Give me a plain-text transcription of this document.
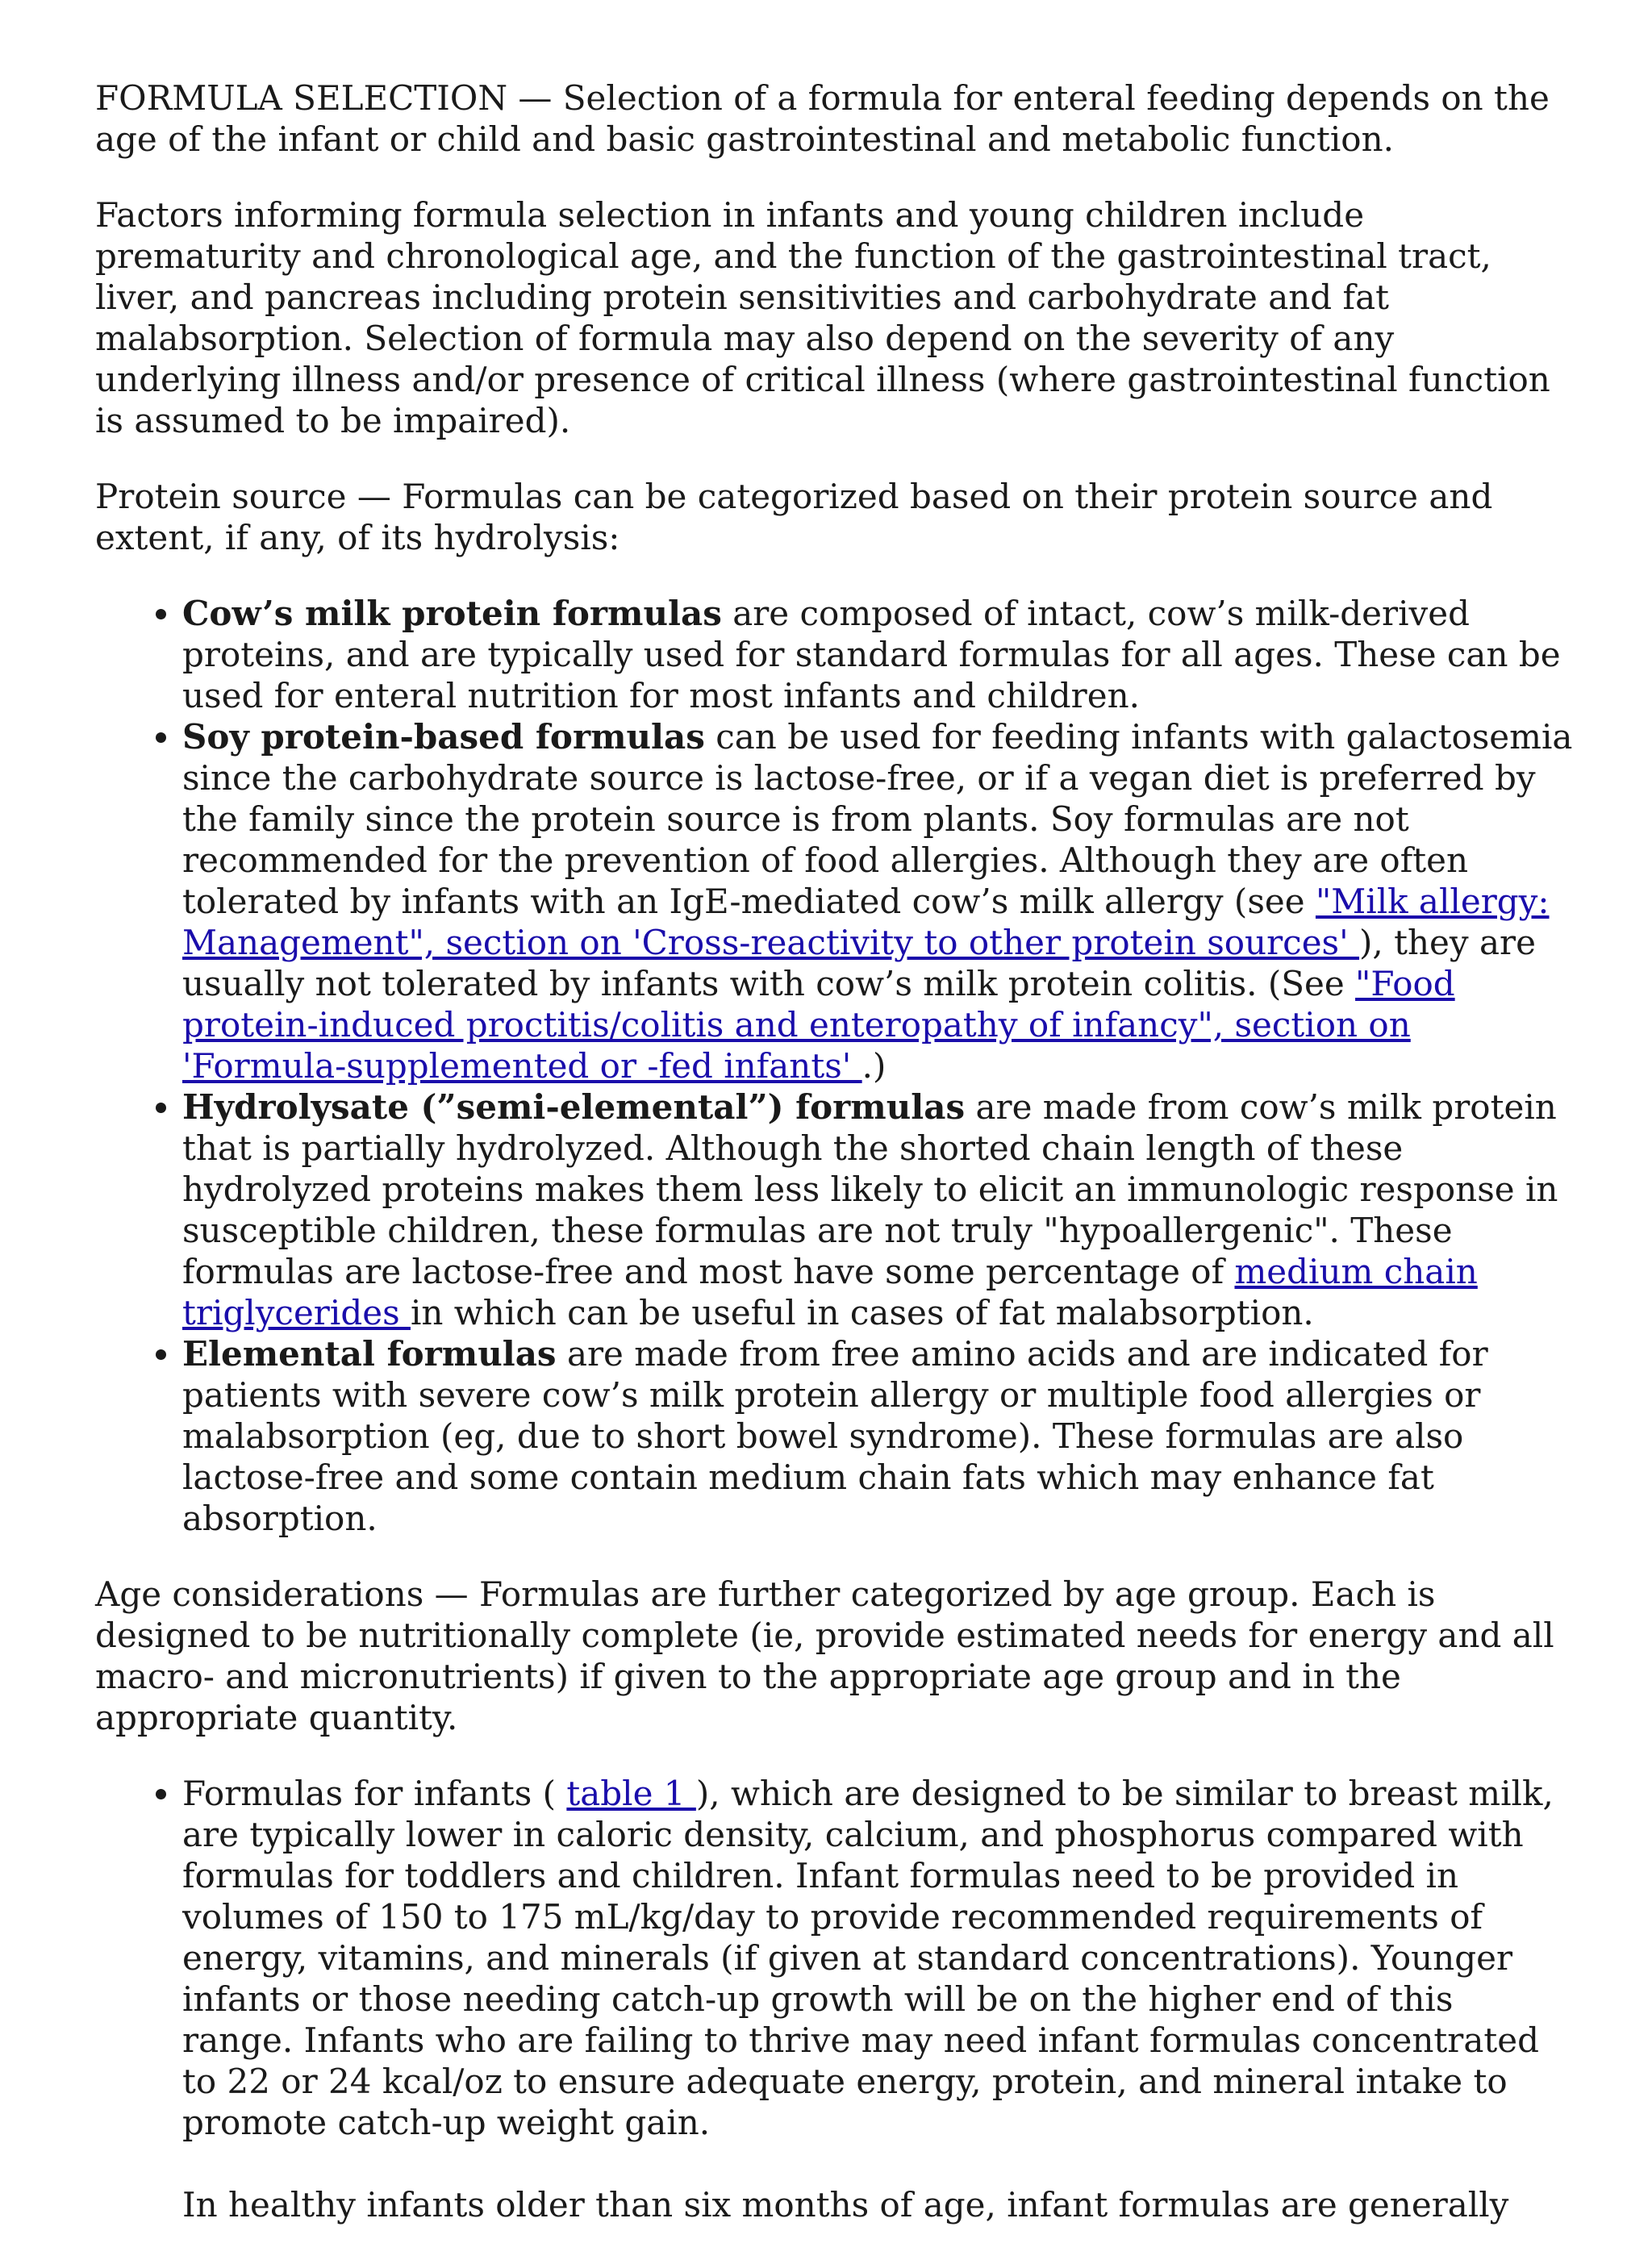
FORMULA SELECTION — Selection of a formula for enteral feeding depends on the age of the infant or child and basic gastrointestinal and metabolic function.

Factors informing formula selection in infants and young children include prematurity and chronological age, and the function of the gastrointestinal tract, liver, and pancreas including protein sensitivities and carbohydrate and fat malabsorption. Selection of formula may also depend on the severity of any underlying illness and/or presence of critical illness (where gastrointestinal function is assumed to be impaired).

Protein source — Formulas can be categorized based on their protein source and extent, if any, of its hydrolysis:

• Cow’s milk protein formulas are composed of intact, cow’s milk-derived proteins, and are typically used for standard formulas for all ages. These can be used for enteral nutrition for most infants and children.
• Soy protein-based formulas can be used for feeding infants with galactosemia since the carbohydrate source is lactose-free, or if a vegan diet is preferred by the family since the protein source is from plants. Soy formulas are not recommended for the prevention of food allergies. Although they are often tolerated by infants with an IgE-mediated cow’s milk allergy (see "Milk allergy: Management", section on 'Cross-reactivity to other protein sources' ), they are usually not tolerated by infants with cow’s milk protein colitis. (See "Food protein-induced proctitis/colitis and enteropathy of infancy", section on 'Formula-supplemented or -fed infants' .)
• Hydrolysate (”semi-elemental”) formulas are made from cow’s milk protein that is partially hydrolyzed. Although the shorted chain length of these hydrolyzed proteins makes them less likely to elicit an immunologic response in susceptible children, these formulas are not truly "hypoallergenic". These formulas are lactose-free and most have some percentage of medium chain triglycerides in which can be useful in cases of fat malabsorption.
• Elemental formulas are made from free amino acids and are indicated for patients with severe cow’s milk protein allergy or multiple food allergies or malabsorption (eg, due to short bowel syndrome). These formulas are also lactose-free and some contain medium chain fats which may enhance fat absorption.

Age considerations — Formulas are further categorized by age group. Each is designed to be nutritionally complete (ie, provide estimated needs for energy and all macro- and micronutrients) if given to the appropriate age group and in the appropriate quantity.

• Formulas for infants ( table 1 ), which are designed to be similar to breast milk, are typically lower in caloric density, calcium, and phosphorus compared with formulas for toddlers and children. Infant formulas need to be provided in volumes of 150 to 175 mL/kg/day to provide recommended requirements of energy, vitamins, and minerals (if given at standard concentrations). Younger infants or those needing catch-up growth will be on the higher end of this range. Infants who are failing to thrive may need infant formulas concentrated to 22 or 24 kcal/oz to ensure adequate energy, protein, and mineral intake to promote catch-up weight gain.

In healthy infants older than six months of age, infant formulas are generally
